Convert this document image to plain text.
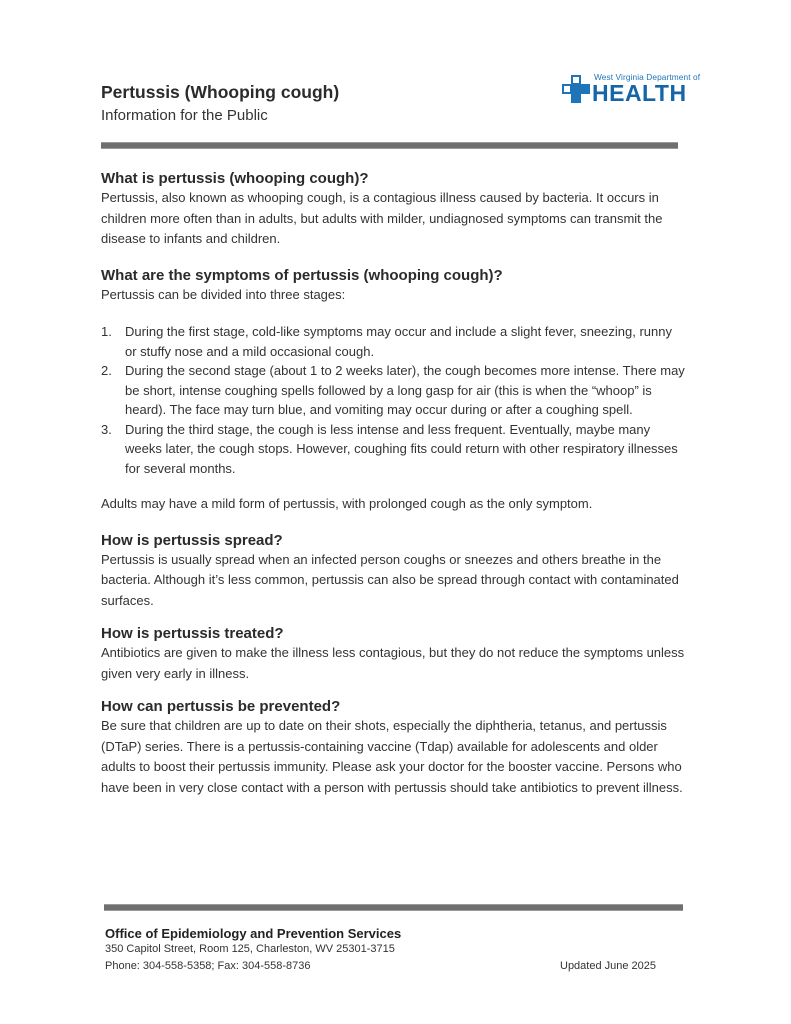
Pertussis (Whooping cough)
Information for the Public
West Virginia Department of
HEALTH
What is pertussis (whooping cough)?

Pertussis, also known as whooping cough, is a contagious illness caused by bacteria. It occurs in children more often than in adults, but adults with milder, undiagnosed symptoms can transmit the disease to infants and children.

What are the symptoms of pertussis (whooping cough)?

Pertussis can be divided into three stages:

1. During the first stage, cold-like symptoms may occur and include a slight fever, sneezing, runny or stuffy nose and a mild occasional cough.
2. During the second stage (about 1 to 2 weeks later), the cough becomes more intense. There may be short, intense coughing spells followed by a long gasp for air (this is when the “whoop” is heard). The face may turn blue, and vomiting may occur during or after a coughing spell.
3. During the third stage, the cough is less intense and less frequent. Eventually, maybe many weeks later, the cough stops. However, coughing fits could return with other respiratory illnesses for several months.

Adults may have a mild form of pertussis, with prolonged cough as the only symptom.

How is pertussis spread?

Pertussis is usually spread when an infected person coughs or sneezes and others breathe in the bacteria. Although it’s less common, pertussis can also be spread through contact with contaminated surfaces.

How is pertussis treated?

Antibiotics are given to make the illness less contagious, but they do not reduce the symptoms unless given very early in illness.

How can pertussis be prevented?

Be sure that children are up to date on their shots, especially the diphtheria, tetanus, and pertussis (DTaP) series. There is a pertussis-containing vaccine (Tdap) available for adolescents and older adults to boost their pertussis immunity. Please ask your doctor for the booster vaccine. Persons who have been in very close contact with a person with pertussis should take antibiotics to prevent illness.

Office of Epidemiology and Prevention Services

350 Capitol Street, Room 125, Charleston, WV 25301-3715

Phone: 304-558-5358; Fax: 304-558-8736	Updated June 2025
